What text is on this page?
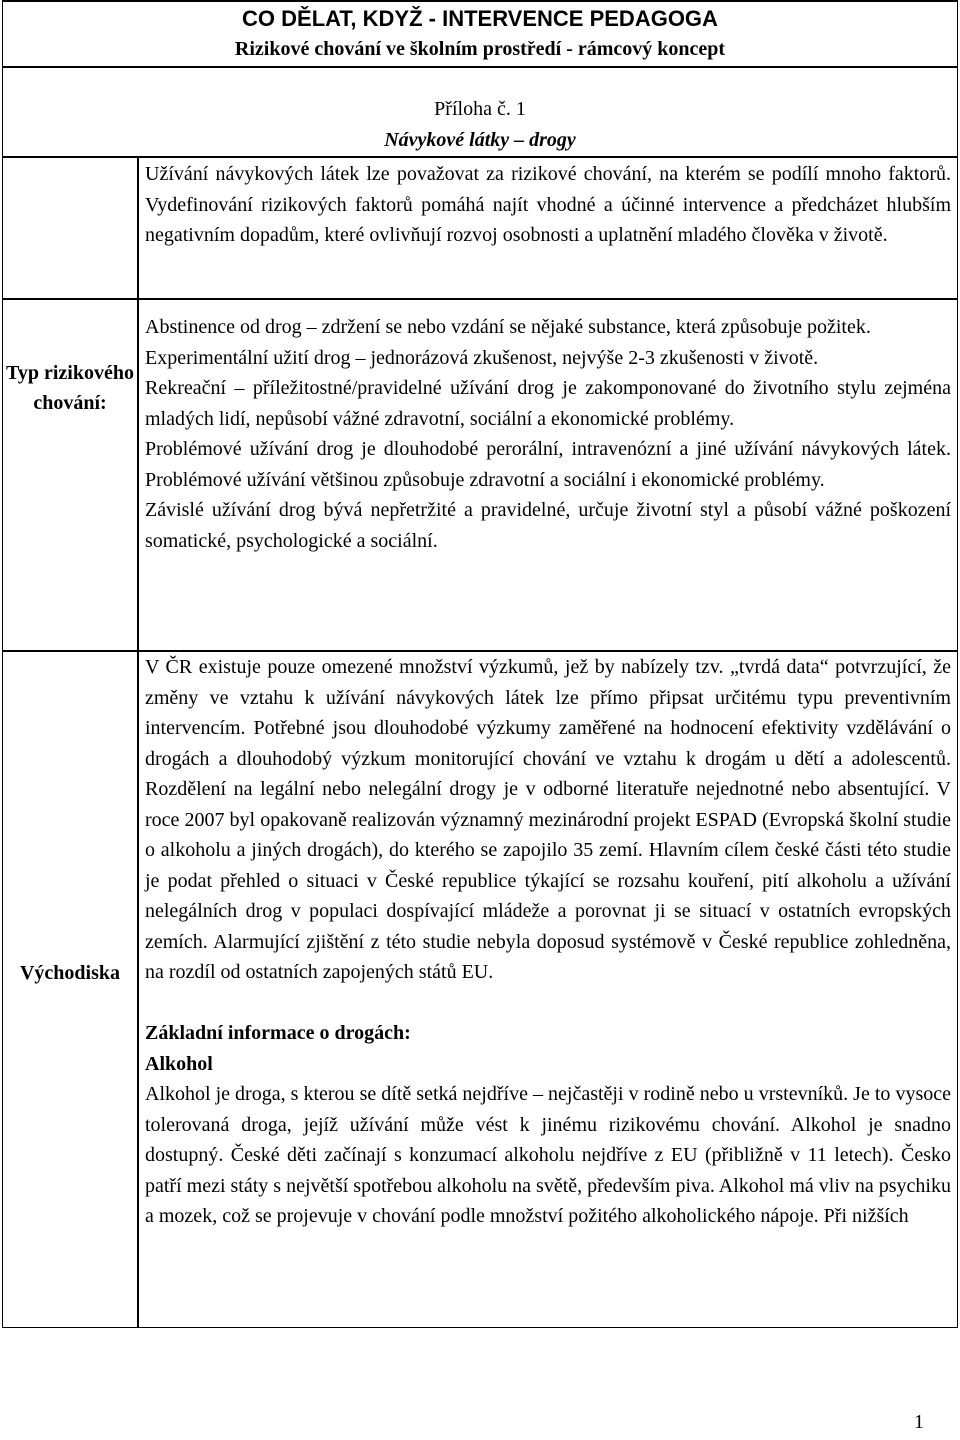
CO DĚLAT, KDYŽ - INTERVENCE PEDAGOGA
Rizikové chování ve školním prostředí - rámcový koncept
Příloha č. 1
Návykové látky – drogy

Užívání návykových látek lze považovat za rizikové chování, na kterém se podílí mnoho faktorů. Vydefinování rizikových faktorů pomáhá najít vhodné a účinné intervence a předcházet hlubším negativním dopadům, které ovlivňují rozvoj osobnosti a uplatnění mladého člověka v životě.

Typ rizikového chování:

Abstinence od drog – zdržení se nebo vzdání se nějaké substance, která způsobuje požitek.

Experimentální užití drog – jednorázová zkušenost, nejvýše 2-3 zkušenosti v životě.

Rekreační – příležitostné/pravidelné užívání drog je zakomponované do životního stylu zejména mladých lidí, nepůsobí vážné zdravotní, sociální a ekonomické problémy.

Problémové užívání drog je dlouhodobé perorální, intravenózní a jiné užívání návykových látek. Problémové užívání většinou způsobuje zdravotní a sociální i ekonomické problémy.

Závislé užívání drog bývá nepřetržité a pravidelné, určuje životní styl a působí vážné poškození somatické, psychologické a sociální.

Východiska

V ČR existuje pouze omezené množství výzkumů, jež by nabízely tzv. „tvrdá data“ potvrzující, že změny ve vztahu k užívání návykových látek lze přímo připsat určitému typu preventivním intervencím. Potřebné jsou dlouhodobé výzkumy zaměřené na hodnocení efektivity vzdělávání o drogách a dlouhodobý výzkum monitorující chování ve vztahu k drogám u dětí a adolescentů. Rozdělení na legální nebo nelegální drogy je v odborné literatuře nejednotné nebo absentující. V roce 2007 byl opakovaně realizován významný mezinárodní projekt ESPAD (Evropská školní studie o alkoholu a jiných drogách), do kterého se zapojilo 35 zemí. Hlavním cílem české části této studie je podat přehled o situaci v České republice týkající se rozsahu kouření, pití alkoholu a užívání nelegálních drog v populaci dospívající mládeže a porovnat ji se situací v ostatních evropských zemích. Alarmující zjištění z této studie nebyla doposud systémově v České republice zohledněna, na rozdíl od ostatních zapojených států EU.

Základní informace o drogách:

Alkohol

Alkohol je droga, s kterou se dítě setká nejdříve – nejčastěji v rodině nebo u vrstevníků. Je to vysoce tolerovaná droga, jejíž užívání může vést k jinému rizikovému chování. Alkohol je snadno dostupný. České děti začínají s konzumací alkoholu nejdříve z EU (přibližně v 11 letech). Česko patří mezi státy s největší spotřebou alkoholu na světě, především piva. Alkohol má vliv na psychiku a mozek, což se projevuje v chování podle množství požitého alkoholického nápoje. Při nižších

1
